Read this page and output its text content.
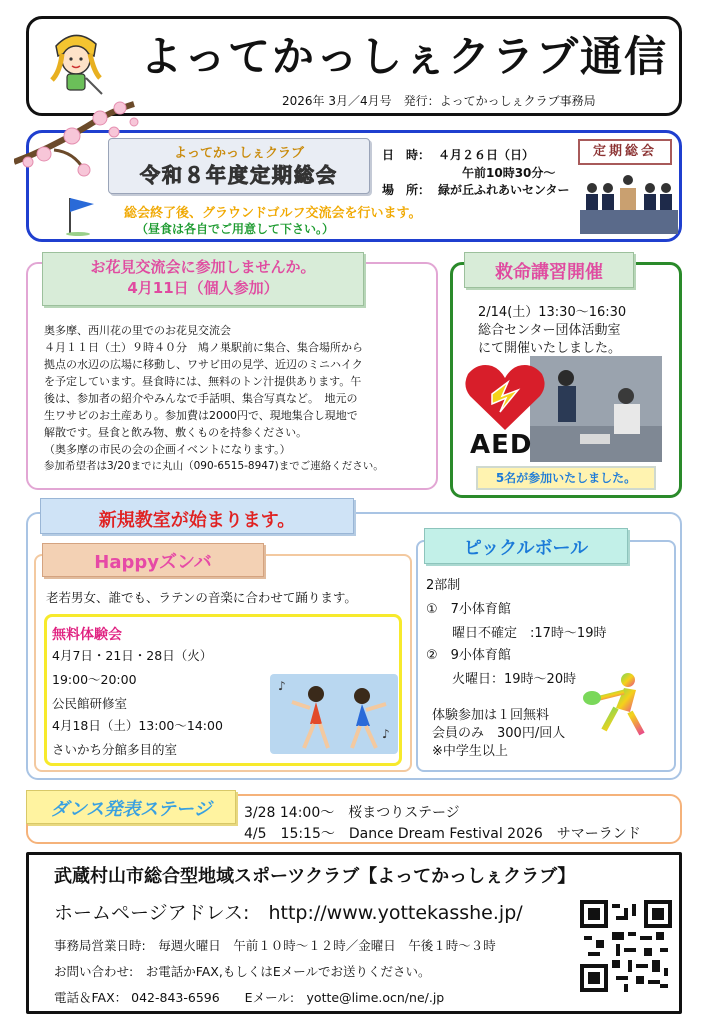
よってかっしぇクラブ通信
2026年 3月／4月号　発行：よってかっしぇクラブ事務局
よってかっしぇクラブ
令和８年度定期総会
日　時： ４月２６日（日）
午前10時30分～
場　所： 緑が丘ふれあいセンター
定期総会
総会終了後、グラウンドゴルフ交流会を行います。
（昼食は各自でご用意して下さい。）
お花見交流会に参加しませんか。
4月11日（個人参加）

奥多摩、西川花の里でのお花見交流会

４月１１日（土）９時４０分　鳩ノ巣駅前に集合、集合場所から

拠点の水辺の広場に移動し、ワサビ田の見学、近辺のミニハイク

を予定しています。昼食時には、無料のトン汁提供あります。午

後は、参加者の紹介やみんなで手話唄、集合写真など。　地元の

生ワサビのお土産あり。参加費は2000円で、現地集合し現地で

解散です。昼食と飲み物、敷くものを持参ください。

（奥多摩の市民の会の企画イベントになります。）

参加希望者は3/20までに丸山（090-6515-8947)までご連絡ください。

救命講習開催
2/14(土）13:30～16:30
総合センター団体活動室
にて開催いたしました。
AED
5名が参加いたしました。
新規教室が始まります。
Happyズンバ
老若男女、誰でも、ラテンの音楽に合わせて踊ります。
無料体験会
4月7日・21日・28日（火）
19:00～20:00
公民館研修室
4月18日（土）13:00～14:00
さいかち分館多目的室
♪
♪
ピックルボール
2部制
①　7小体育館
　　曜日不確定　:17時～19時
②　9小体育館
　　火曜日：19時～20時
体験参加は１回無料
会員のみ　300円/回人
※中学生以上
ダンス発表ステージ	3/28 14:00～　桜まつりステージ
4/5　15:15～　Dance Dream Festival 2026　サマーランド
武蔵村山市総合型地域スポーツクラブ【よってかっしぇクラブ】
ホームページアドレス:　http://www.yottekasshe.jp/
事務局営業日時:　毎週火曜日　午前１０時～１２時／金曜日　午後１時～３時
お問い合わせ:　お電話かFAX,もしくはEメールでお送りください。
電話＆FAX： 042-843-6596　　Eメール:　yotte@lime.ocn/ne/.jp
